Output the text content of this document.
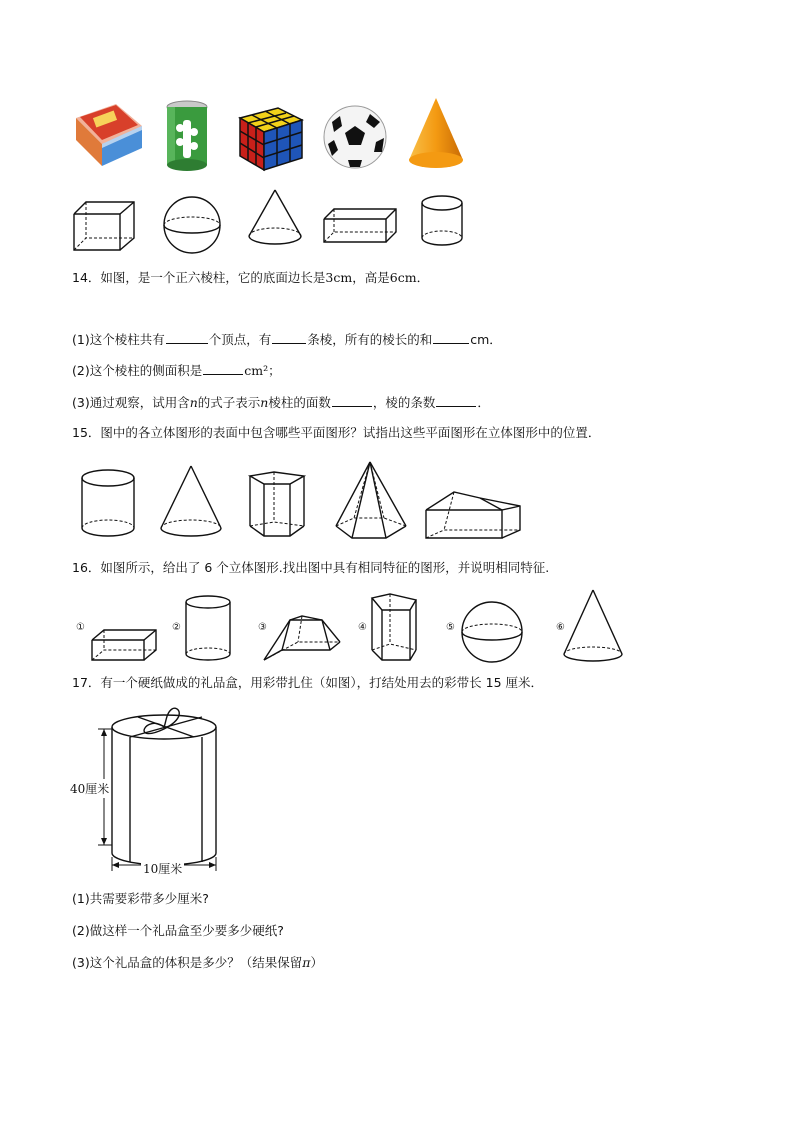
14．如图，是一个正六棱柱，它的底面边长是3cm，高是6cm．
(1)这个棱柱共有	个顶点，有	条棱，所有的棱长的和	cm．
(2)这个棱柱的侧面积是	cm²；
(3)通过观察，试用含n的式子表示n棱柱的面数	，棱的条数	．
15．图中的各立体图形的表面中包含哪些平面图形？试指出这些平面图形在立体图形中的位置．
16．如图所示，给出了 6 个立体图形.找出图中具有相同特征的图形，并说明相同特征.
①	②	③	④	⑤	⑥
17．有一个硬纸做成的礼品盒，用彩带扎住（如图），打结处用去的彩带长 15 厘米．
40厘米
10厘米
(1)共需要彩带多少厘米?
(2)做这样一个礼品盒至少要多少硬纸?
(3)这个礼品盒的体积是多少？（结果保留π）
